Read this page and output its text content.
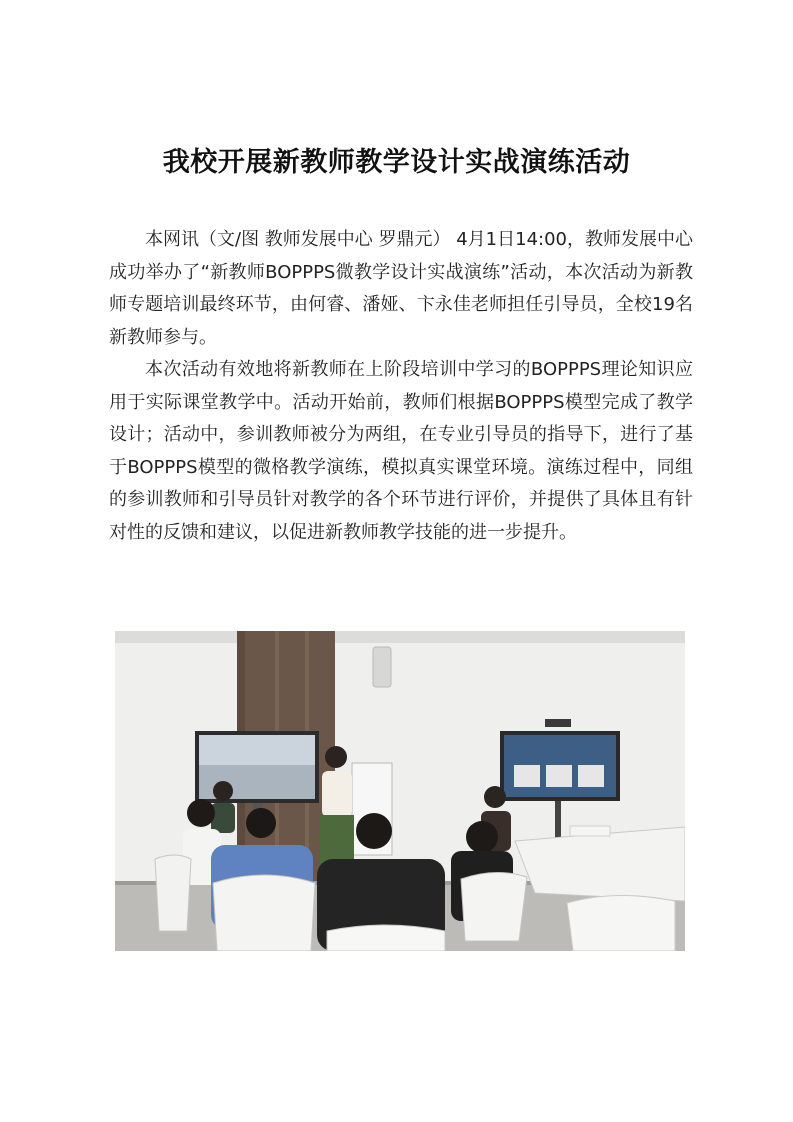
我校开展新教师教学设计实战演练活动

本网讯（文/图 教师发展中心 罗鼎元） 4月1日14:00，教师发展中心成功举办了“新教师BOPPPS微教学设计实战演练”活动，本次活动为新教师专题培训最终环节，由何睿、潘娅、卞永佳老师担任引导员，全校19名新教师参与。

本次活动有效地将新教师在上阶段培训中学习的BOPPPS理论知识应用于实际课堂教学中。活动开始前，教师们根据BOPPPS模型完成了教学设计；活动中，参训教师被分为两组，在专业引导员的指导下，进行了基于BOPPPS模型的微格教学演练，模拟真实课堂环境。演练过程中，同组的参训教师和引导员针对教学的各个环节进行评价，并提供了具体且有针对性的反馈和建议，以促进新教师教学技能的进一步提升。
